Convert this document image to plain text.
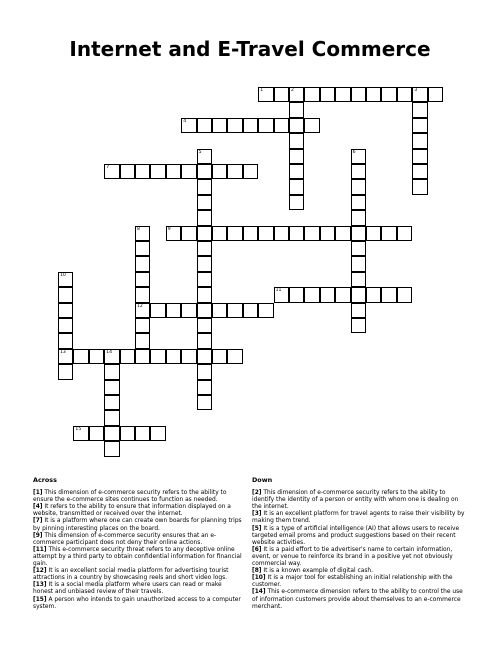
Internet and E-Travel Commerce
1	2	3
4
5	6
7
8
12
9
10
13
11
14
15
Across

[1] This dimension of e-commerce security refers to the ability to ensure the e-commerce sites continues to function as needed.

[4] It refers to the ability to ensure that information displayed on a website, transmitted or received over the internet.

[7] It is a platform where one can create own boards for planning trips by pinning interesting places on the board.

[9] This dimension of e-commerce security ensures that an e-commerce participant does not deny their online actions.

[11] This e-commerce security threat refers to any deceptive online attempt by a third party to obtain confidential information for financial gain.

[12] It is an excellent social media platform for advertising tourist attractions in a country by showcasing reels and short video logs.

[13] It is a social media platform where users can read or make honest and unbiased review of their travels.

[15] A person who intends to gain unauthorized access to a computer system.

Down

[2] This dimension of e-commerce security refers to the ability to identify the identity of a person or entity with whom one is dealing on the internet.

[3] It is an excellent platform for travel agents to raise their visibility by making them trend.

[5] It is a type of artificial intelligence (AI) that allows users to receive targeted email proms and product suggestions based on their recent website activities.

[6] It is a paid effort to tie advertiser's name to certain information, event, or venue to reinforce its brand in a positive yet not obviously commercial way.

[8] It is a known example of digital cash.

[10] It is a major tool for establishing an initial relationship with the customer.

[14] This e-commerce dimension refers to the ability to control the use of information customers provide about themselves to an e-commerce merchant.
